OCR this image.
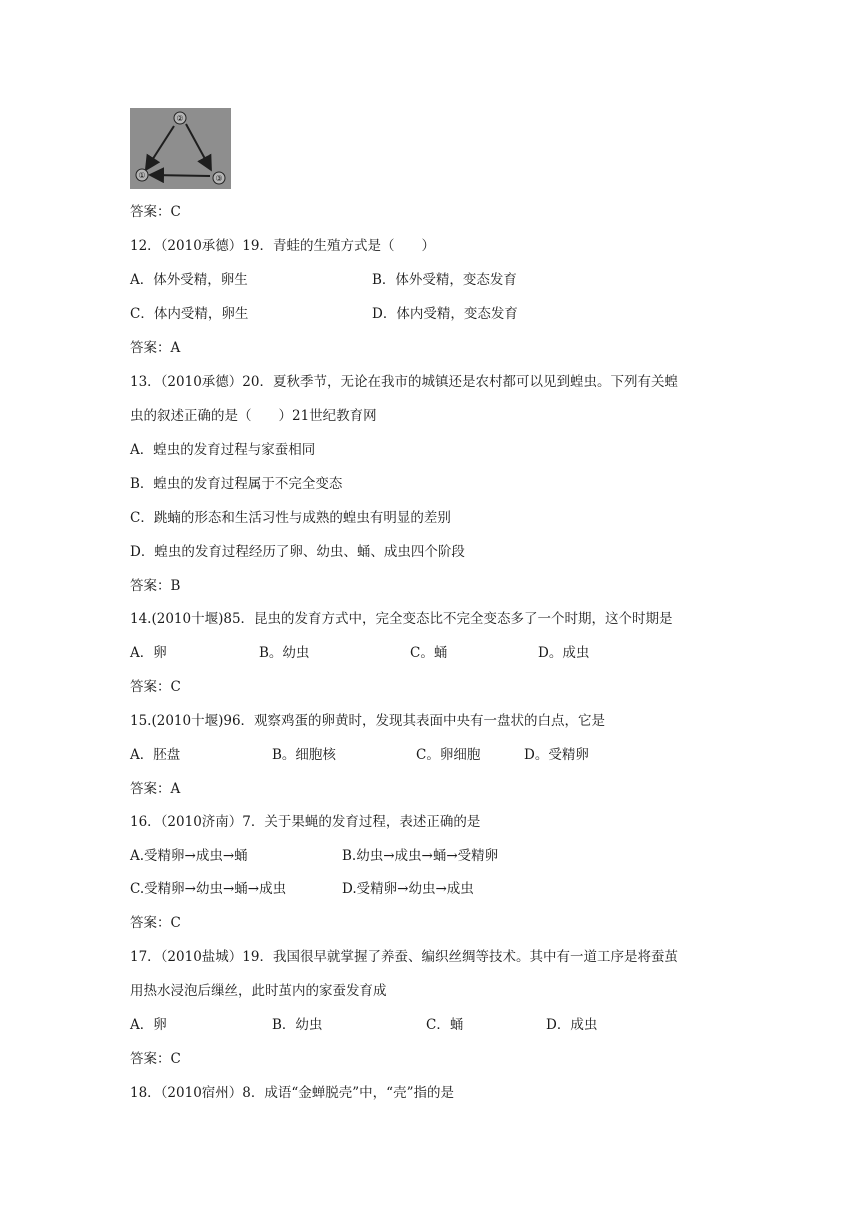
②
③
①
答案：C
12．（2010承德）19．青蛙的生殖方式是（　　）
A．体外受精，卵生	B．体外受精，变态发育
C．体内受精，卵生	D．体内受精，变态发育
答案：A
13．（2010承德）20．夏秋季节，无论在我市的城镇还是农村都可以见到蝗虫。下列有关蝗
虫的叙述正确的是（　　）21世纪教育网
A．蝗虫的发育过程与家蚕相同
B．蝗虫的发育过程属于不完全变态
C．跳蝻的形态和生活习性与成熟的蝗虫有明显的差别
D．蝗虫的发育过程经历了卵、幼虫、蛹、成虫四个阶段
答案：B
14.(2010十堰)85．昆虫的发育方式中，完全变态比不完全变态多了一个时期，这个时期是
A．卵	B。幼虫	C。蛹	D。成虫
答案：C
15.(2010十堰)96．观察鸡蛋的卵黄时，发现其表面中央有一盘状的白点，它是
A．胚盘	B。细胞核	C。卵细胞	D。受精卵
答案：A
16．（2010济南）7．关于果蝇的发育过程，表述正确的是
A.受精卵→成虫→蛹	B.幼虫→成虫→蛹→受精卵
C.受精卵→幼虫→蛹→成虫	D.受精卵→幼虫→成虫
答案：C
17．（2010盐城）19．我国很早就掌握了养蚕、编织丝绸等技术。其中有一道工序是将蚕茧
用热水浸泡后缫丝，此时茧内的家蚕发育成
A．卵	B．幼虫	C．蛹	D．成虫
答案：C
18．（2010宿州）8．成语“金蝉脱壳”中，“壳”指的是
